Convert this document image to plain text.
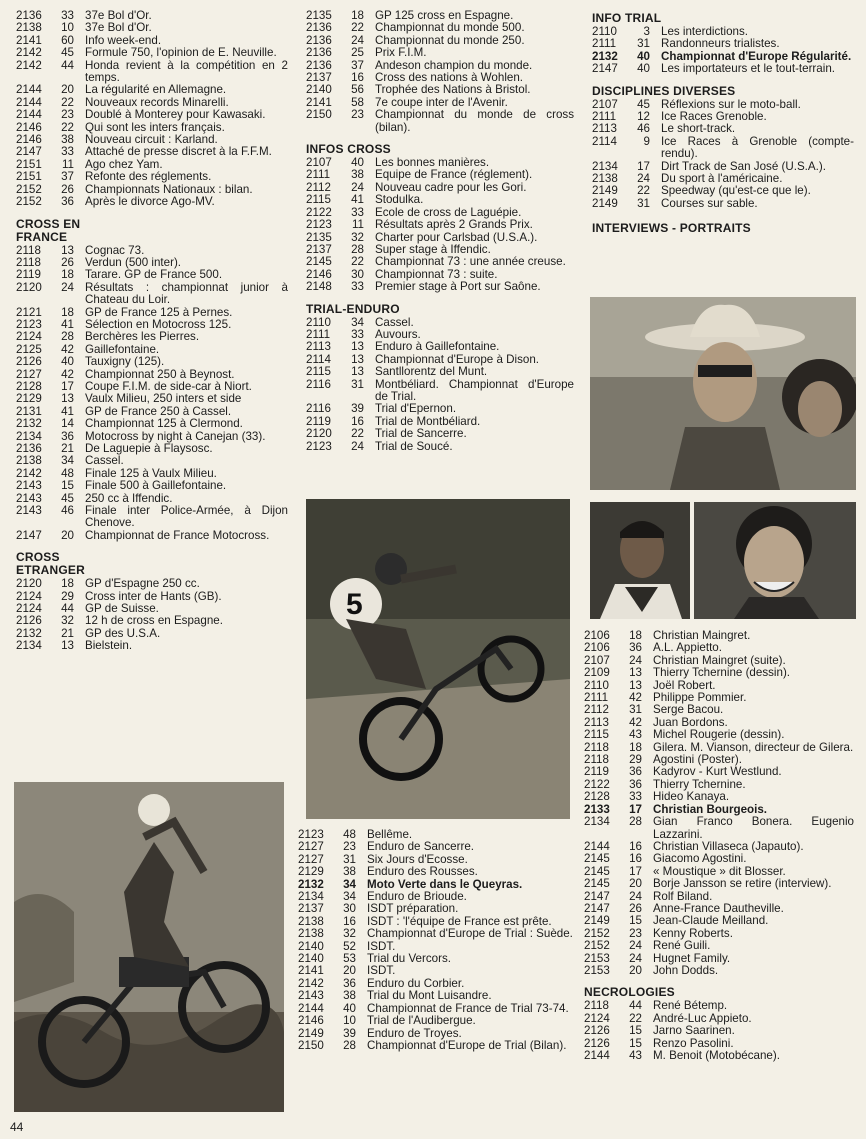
2136	33 37e Bol d'Or.
2138	10 37e Bol d'Or.
2141	60 Info week-end.
2142	45 Formule 750, l'opinion de E. Neuville.
2142	44 Honda revient à la compétition en 2 temps.
2144	20 La régularité en Allemagne.
2144	22 Nouveaux records Minarelli.
2144	23 Doublé à Monterey pour Kawasaki.
2146	22 Qui sont les inters français.
2146	38 Nouveau circuit : Karland.
2147	33 Attaché de presse discret à la F.F.M.
2151	11 Ago chez Yam.
2151	37 Refonte des réglements.
2152	26 Championnats Nationaux : bilan.
2152	36 Après le divorce Ago-MV.
CROSS EN FRANCE
2118	13 Cognac 73.
2118	26 Verdun (500 inter).
2119	18 Tarare. GP de France 500.
2120	24 Résultats : championnat junior à Chateau du Loir.
2121	18 GP de France 125 à Pernes.
2123	41 Sélection en Motocross 125.
2124	28 Berchères les Pierres.
2125	42 Gaillefontaine.
2126	40 Tauxigny (125).
2127	42 Championnat 250 à Beynost.
2128	17 Coupe F.I.M. de side-car à Niort.
2129	13 Vaulx Milieu, 250 inters et side
2131	41 GP de France 250 à Cassel.
2132	14 Championnat 125 à Clermond.
2134	36 Motocross by night à Canejan (33).
2136	21 De Laguepie à Flaysosc.
2138	34 Cassel.
2142	48 Finale 125 à Vaulx Milieu.
2143	15 Finale 500 à Gaillefontaine.
2143	45 250 cc à Iffendic.
2143	46 Finale inter Police-Armée, à Dijon Chenove.
2147	20 Championnat de France Motocross.
CROSS ETRANGER
2120	18 GP d'Espagne 250 cc.
2124	29 Cross inter de Hants (GB).
2124	44 GP de Suisse.
2126	32 12 h de cross en Espagne.
2132	21 GP des U.S.A.
2134	13 Bielstein.
2135	18 GP 125 cross en Espagne.
2136	22 Championnat du monde 500.
2136	24 Championnat du monde 250.
2136	25 Prix F.I.M.
2136	37 Andeson champion du monde.
2137	16 Cross des nations à Wohlen.
2140	56 Trophée des Nations à Bristol.
2141	58 7e coupe inter de l'Avenir.
2150	23 Championnat du monde de cross (bilan).
INFOS CROSS
2107	40 Les bonnes manières.
2111	38 Equipe de France (réglement).
2112	24 Nouveau cadre pour les Gori.
2115	41 Stodulka.
2122	33 Ecole de cross de Laguépie.
2123	11 Résultats après 2 Grands Prix.
2135	32 Charter pour Carlsbad (U.S.A.).
2137	28 Super stage à Iffendic.
2145	22 Championnat 73 : une année creuse.
2146	30 Championnat 73 : suite.
2148	33 Premier stage à Port sur Saône.
TRIAL-ENDURO
2110	34 Cassel.
2111	33 Auvours.
2113	13 Enduro à Gaillefontaine.
2114	13 Championnat d'Europe à Dison.
2115	13 Santllorentz del Munt.
2116	31 Montbéliard. Championnat d'Europe de Trial.
2116	39 Trial d'Epernon.
2119	16 Trial de Montbéliard.
2120	22 Trial de Sancerre.
2123	24 Trial de Soucé.
2123	48 Bellême.
2127	23 Enduro de Sancerre.
2127	31 Six Jours d'Ecosse.
2129	38 Enduro des Rousses.
2132	34 Moto Verte dans le Queyras.
2134	34 Enduro de Brioude.
2137	30 ISDT préparation.
2138	16 ISDT : 'l'équipe de France est prête.
2138	32 Championnat d'Europe de Trial : Suède.
2140	52 ISDT.
2140	53 Trial du Vercors.
2141	20 ISDT.
2142	36 Enduro du Corbier.
2143	38 Trial du Mont Luisandre.
2144	40 Championnat de France de Trial 73-74.
2146	10 Trial de l'Audibergue.
2149	39 Enduro de Troyes.
2150	28 Championnat d'Europe de Trial (Bilan).
INFO TRIAL
2110	3 Les interdictions.
2111	31 Randonneurs trialistes.
2132	40 Championnat d'Europe Régularité.
2147	40 Les importateurs et le tout-terrain.
DISCIPLINES DIVERSES
2107	45 Réflexions sur le moto-ball.
2111	12 Ice Races Grenoble.
2113	46 Le short-track.
2114	9 Ice Races à Grenoble (compte-rendu).
2134	17 Dirt Track de San José (U.S.A.).
2138	24 Du sport à l'américaine.
2149	22 Speedway (qu'est-ce que le).
2149	31 Courses sur sable.
INTERVIEWS - PORTRAITS
2106	18 Christian Maingret.
2106	36 A.L. Appietto.
2107	24 Christian Maingret (suite).
2109	13 Thierry Tchernine (dessin).
2110	13 Joël Robert.
2111	42 Philippe Pommier.
2112	31 Serge Bacou.
2113	42 Juan Bordons.
2115	43 Michel Rougerie (dessin).
2118	18 Gilera. M. Vianson, directeur de Gilera.
2118	29 Agostini (Poster).
2119	36 Kadyrov - Kurt Westlund.
2122	36 Thierry Tchernine.
2128	33 Hideo Kanaya.
2133	17 Christian Bourgeois.
2134	28 Gian Franco Bonera. Eugenio Lazzarini.
2144	16 Christian Villaseca (Japauto).
2145	16 Giacomo Agostini.
2145	17 « Moustique » dit Blosser.
2145	20 Borje Jansson se retire (interview).
2147	24 Rolf Biland.
2147	26 Anne-France Dautheville.
2149	15 Jean-Claude Meilland.
2152	23 Kenny Roberts.
2152	24 René Guili.
2153	24 Hugnet Family.
2153	20 John Dodds.
NECROLOGIES
2118	44 René Bétemp.
2124	22 André-Luc Appieto.
2126	15 Jarno Saarinen.
2126	15 Renzo Pasolini.
2144	43 M. Benoit (Motobécane).
5
44
